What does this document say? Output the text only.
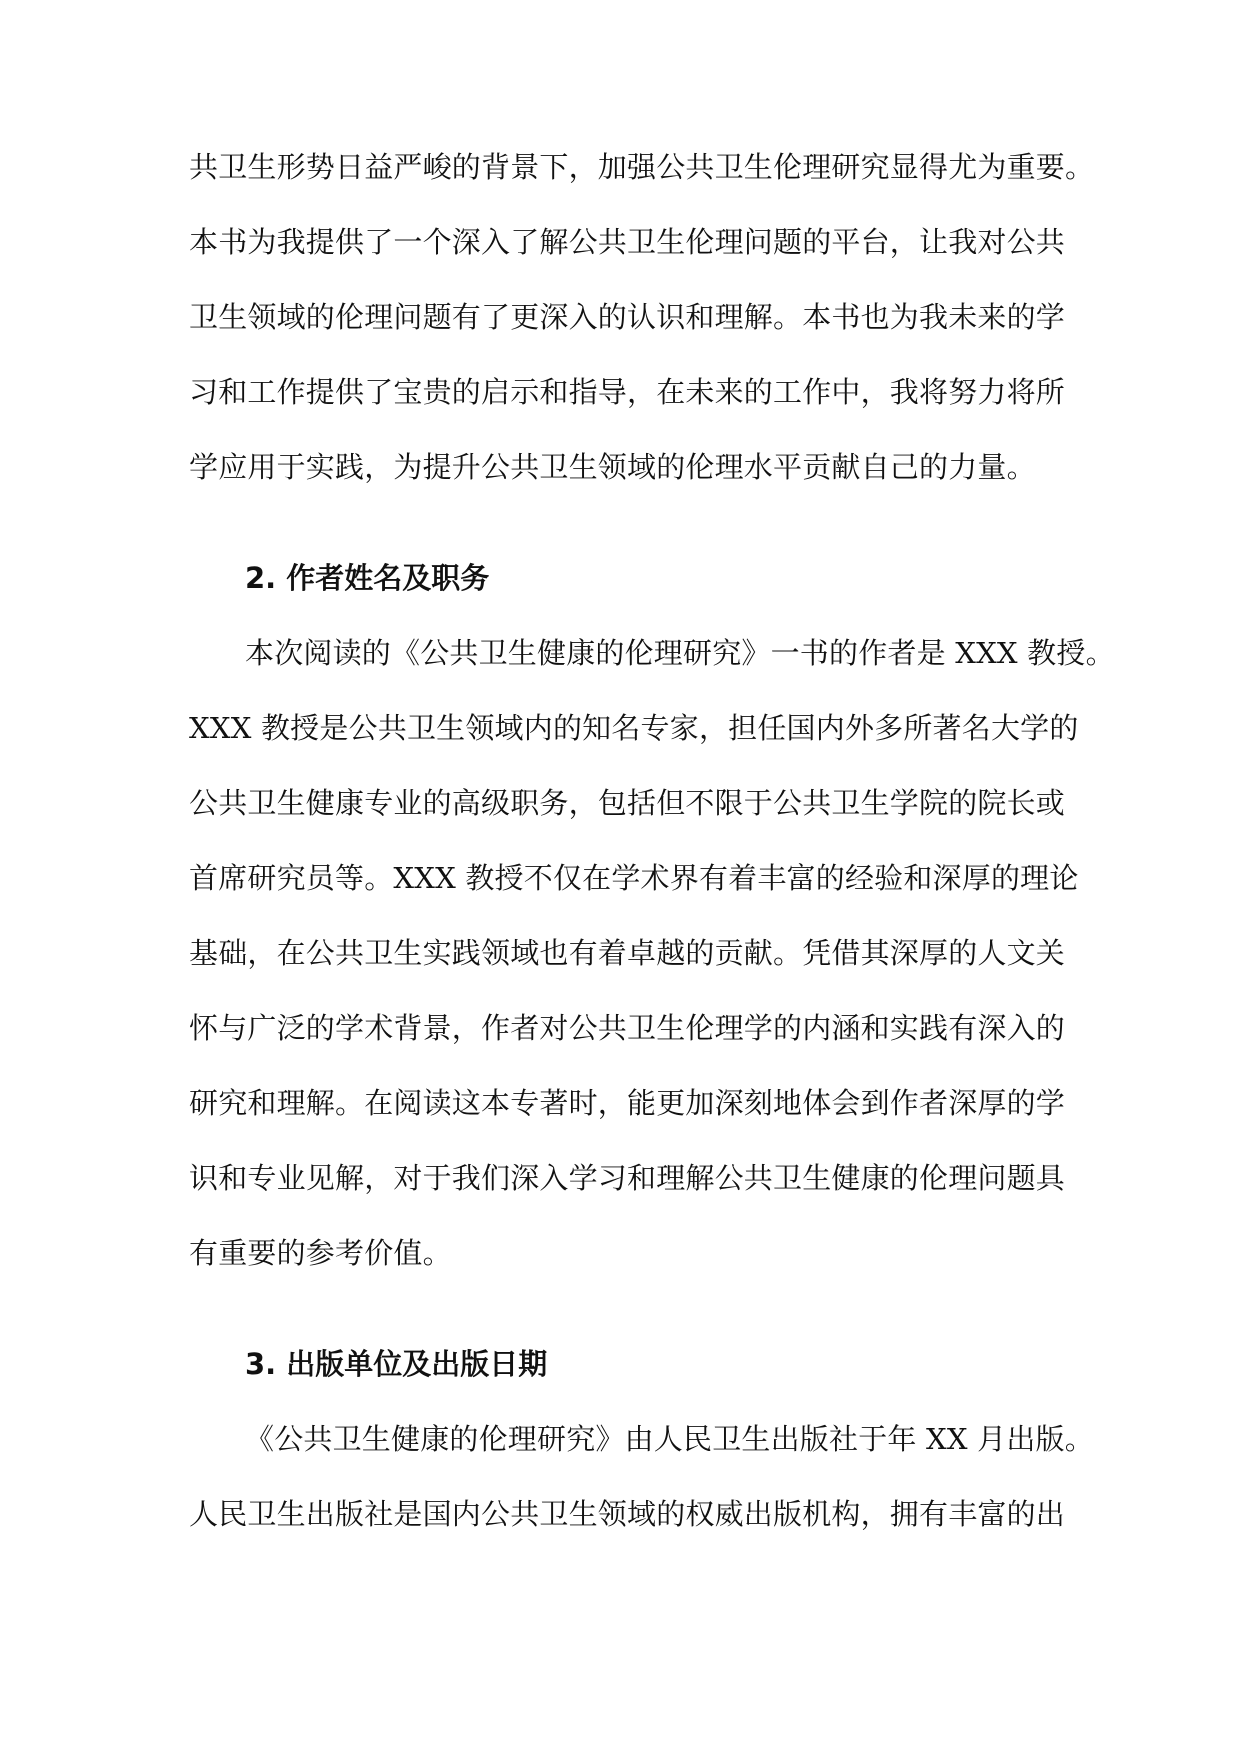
共卫生形势日益严峻的背景下，加强公共卫生伦理研究显得尤为重要。
本书为我提供了一个深入了解公共卫生伦理问题的平台，让我对公共
卫生领域的伦理问题有了更深入的认识和理解。本书也为我未来的学
习和工作提供了宝贵的启示和指导，在未来的工作中，我将努力将所
学应用于实践，为提升公共卫生领域的伦理水平贡献自己的力量。
2. 作者姓名及职务
本次阅读的《公共卫生健康的伦理研究》一书的作者是 XXX 教授。
XXX 教授是公共卫生领域内的知名专家，担任国内外多所著名大学的
公共卫生健康专业的高级职务，包括但不限于公共卫生学院的院长或
首席研究员等。XXX 教授不仅在学术界有着丰富的经验和深厚的理论
基础，在公共卫生实践领域也有着卓越的贡献。凭借其深厚的人文关
怀与广泛的学术背景，作者对公共卫生伦理学的内涵和实践有深入的
研究和理解。在阅读这本专著时，能更加深刻地体会到作者深厚的学
识和专业见解，对于我们深入学习和理解公共卫生健康的伦理问题具
有重要的参考价值。
3. 出版单位及出版日期
《公共卫生健康的伦理研究》由人民卫生出版社于年 XX 月出版。
人民卫生出版社是国内公共卫生领域的权威出版机构，拥有丰富的出
